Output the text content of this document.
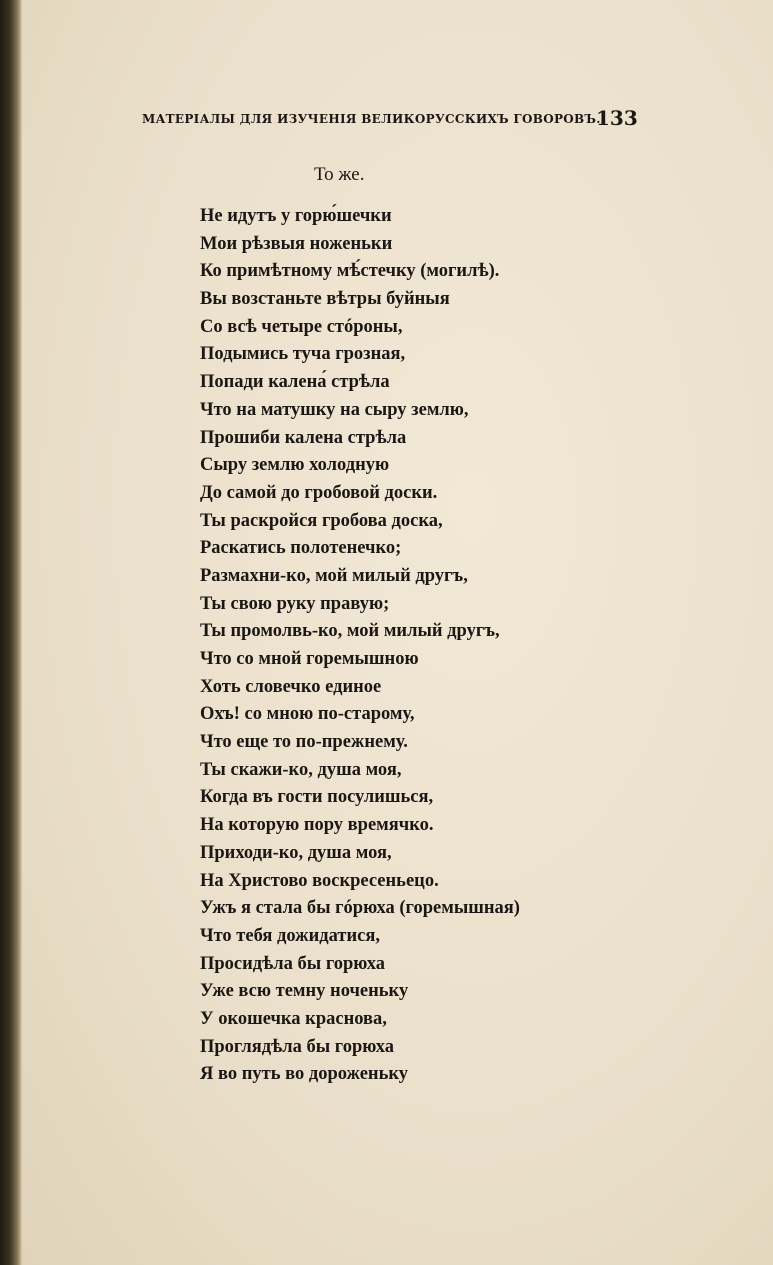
МАТЕРІАЛЫ ДЛЯ ИЗУЧЕНІЯ ВЕЛИКОРУССКИХЪ ГОВОРОВЪ.
133
То же.
Не идутъ у горю́шечки
Мои рѣзвыя ноженьки
Ко примѣтному мѣ́стечку (могилѣ).
Вы возстаньте вѣтры буйныя
Со всѣ четыре стóроны,
Подымись туча грозная,
Попади калена́ стрѣла
Что на матушку на сыру землю,
Прошиби калена стрѣла
Сыру землю холодную
До самой до гробовой доски.
Ты раскройся гробова доска,
Раскатись полотенечко;
Размахни-ко, мой милый другъ,
Ты свою руку правую;
Ты промолвь-ко, мой милый другъ,
Что со мной горемышною
Хоть словечко единое
Охъ! со мною по-старому,
Что еще то по-прежнему.
Ты скажи-ко, душа моя,
Когда въ гости посулишься,
На которую пору времячко.
Приходи-ко, душа моя,
На Христово воскресеньецо.
Ужъ я стала бы гóрюха (горемышная)
Что тебя дожидатися,
Просидѣла бы горюха
Уже всю темну ноченьку
У окошечка краснова,
Проглядѣла бы горюха
Я во путь во дороженьку
